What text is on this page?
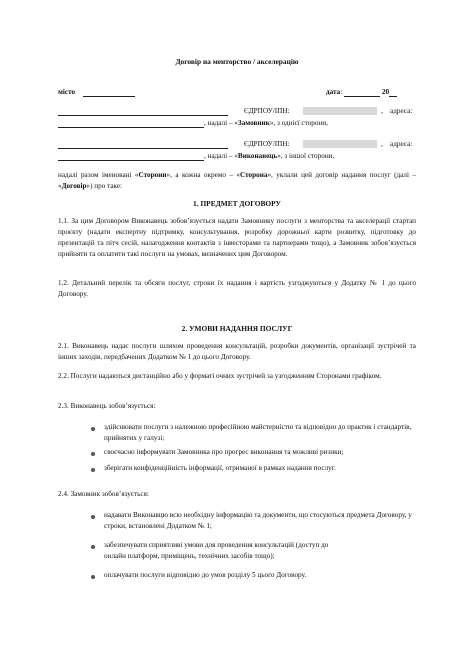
Договір на менторство / акселерацію
місто	дата:	20
ЄДРПОУ/ІПН:	, адреса:
, надалі – «Замовник», з однієї сторони,
ЄДРПОУ/ІПН:	, адреса:
, надалі – «Виконавець», з іншої сторони,
надалі разом іменовані «Сторони», а кожна окремо – «Сторона», уклали цей договір надання послуг (далі – «Договір») про таке:
1. ПРЕДМЕТ ДОГОВОРУ
1.1. За цим Договором Виконавець зобов’язується надати Замовнику послуги з менторства та акселерації стартап проєкту (надати експертну підтримку, консультування, розробку дорожньої карти розвитку, підготовку до презентацій та пітч сесій, налагодження контактів з інвесторами та партнерами тощо), а Замовник зобов’язується прийняти та оплатити такі послуги на умовах, визначених цим Договором.
1.2. Детальний перелік та обсяги послуг, строки їх надання і вартість узгоджуються у Додатку № 1 до цього Договору.
2. УМОВИ НАДАННЯ ПОСЛУГ
2.1. Виконавець надає послуги шляхом проведення консультацій, розробки документів, організації зустрічей та інших заходів, передбачених Додатком № 1 до цього Договору.
2.2. Послуги надаються дистанційно або у форматі очних зустрічей за узгодженням Сторонами графіком.
2.3. Виконавець зобов’язується:
здійснювати послуги з належною професійною майстерністю та відповідно до практик і стандартів, прийнятих у галузі;
своєчасно інформувати Замовника про прогрес виконання та можливі ризики;
зберігати конфіденційність інформації, отриманої в рамках надання послуг.
2.4. Замовник зобов’язується:
надавати Виконавцю всю необхідну інформацію та документи, що стосуються предмета Договору, у строки, встановлені Додатком № 1;
забезпечувати сприятливі умови для проведення консультацій (доступ до онлайн платформ, приміщень, технічних засобів тощо);
оплачувати послуги відповідно до умов розділу 5 цього Договору.
